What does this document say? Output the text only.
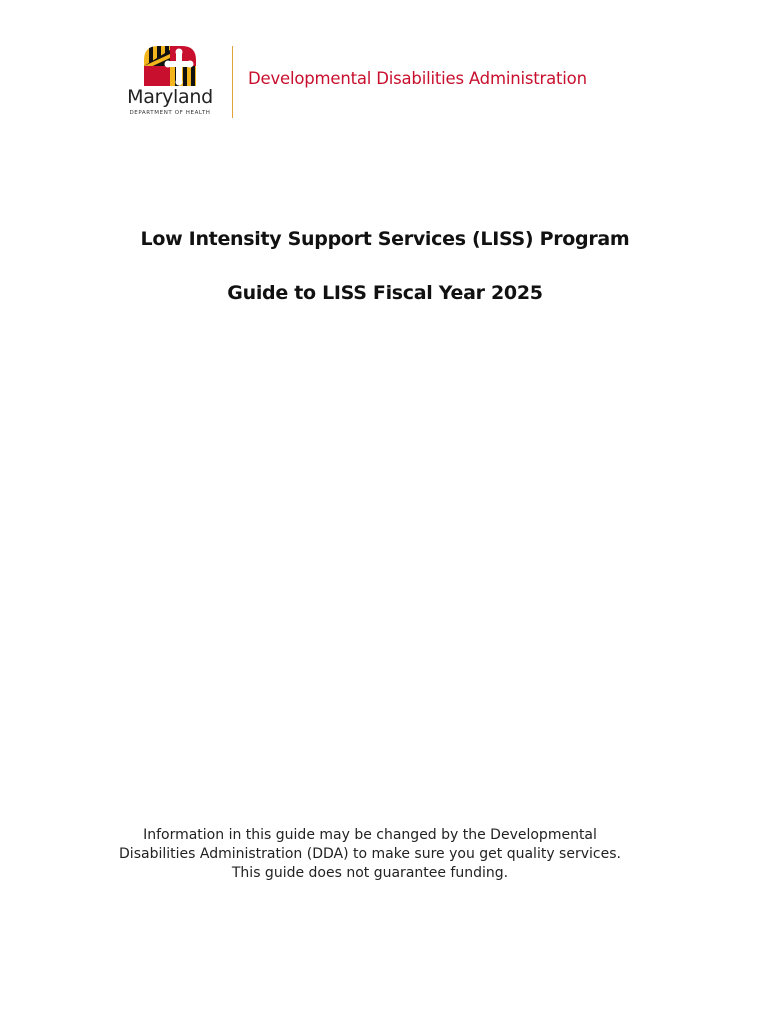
Maryland
DEPARTMENT OF HEALTH
Developmental Disabilities Administration
Low Intensity Support Services (LISS) Program
Guide to LISS Fiscal Year 2025
Information in this guide may be changed by the Developmental
Disabilities Administration (DDA) to make sure you get quality services.
This guide does not guarantee funding.
